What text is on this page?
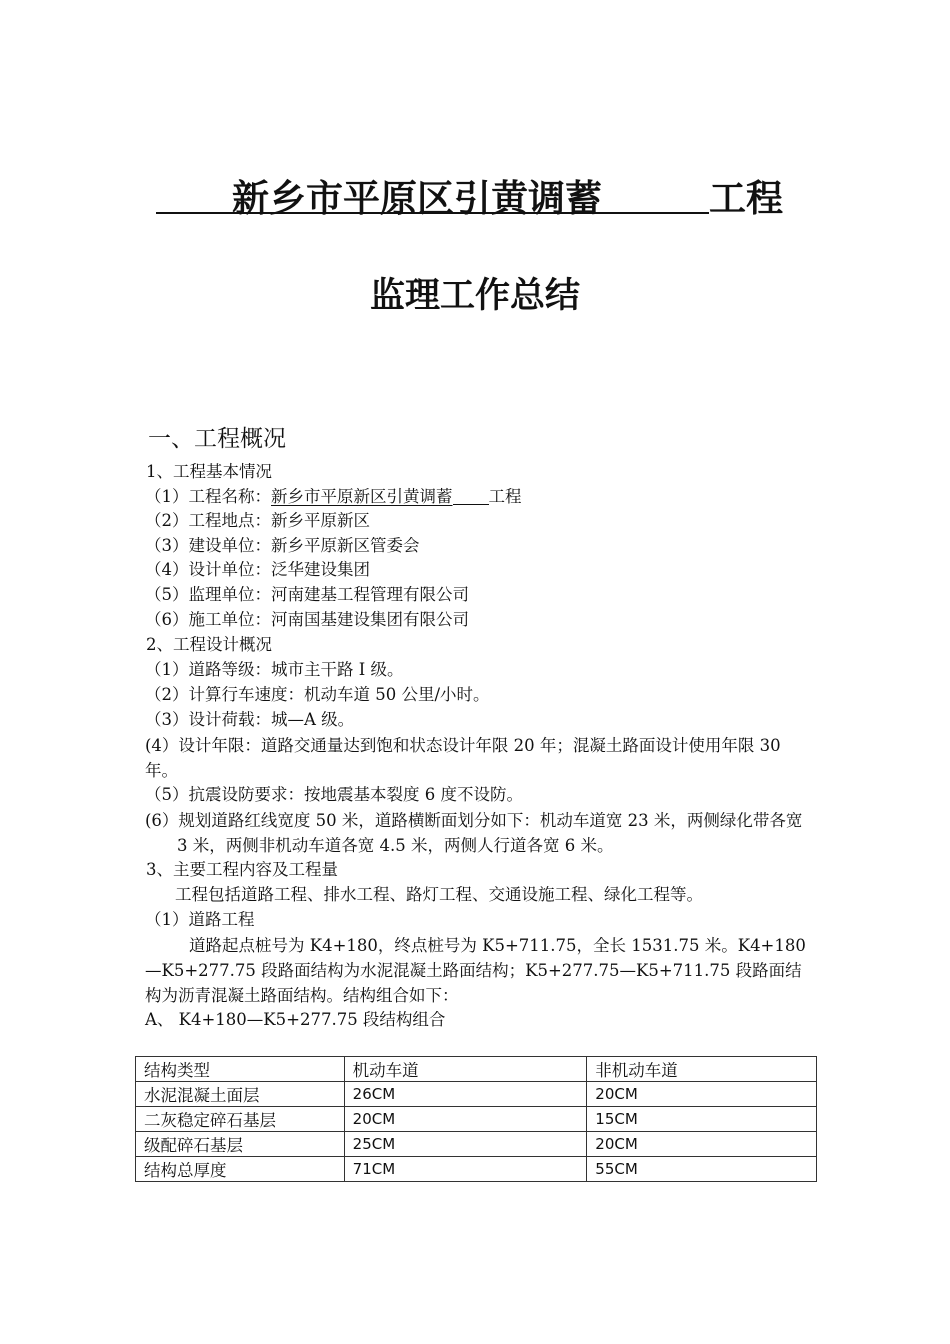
新乡市平原区引黄调蓄	工程
监理工作总结
一、工程概况
1、工程基本情况
（1）工程名称：新乡市平原新区引黄调蓄 工程
（2）工程地点：新乡平原新区
（3）建设单位：新乡平原新区管委会
（4）设计单位：泛华建设集团
（5）监理单位：河南建基工程管理有限公司
（6）施工单位：河南国基建设集团有限公司
2、工程设计概况
（1）道路等级：城市主干路 I 级。
（2）计算行车速度：机动车道 50 公里/小时。
（3）设计荷载：城—A 级。
(4）设计年限：道路交通量达到饱和状态设计年限 20 年；混凝土路面设计使用年限 30 年。
（5）抗震设防要求：按地震基本裂度 6 度不设防。
(6）规划道路红线宽度 50 米，道路横断面划分如下：机动车道宽 23 米，两侧绿化带各宽 3 米，两侧非机动车道各宽 4.5 米，两侧人行道各宽 6 米。
3、主要工程内容及工程量
工程包括道路工程、排水工程、路灯工程、交通设施工程、绿化工程等。
（1）道路工程
道路起点桩号为 K4+180，终点桩号为 K5+711.75，全长 1531.75 米。K4+180—K5+277.75 段路面结构为水泥混凝土路面结构；K5+277.75—K5+711.75 段路面结构为沥青混凝土路面结构。结构组合如下：
A、 K4+180—K5+277.75 段结构组合
结构类型	机动车道	非机动车道
水泥混凝土面层	26CM	20CM
二灰稳定碎石基层	20CM	15CM
级配碎石基层	25CM	20CM
结构总厚度	71CM	55CM
